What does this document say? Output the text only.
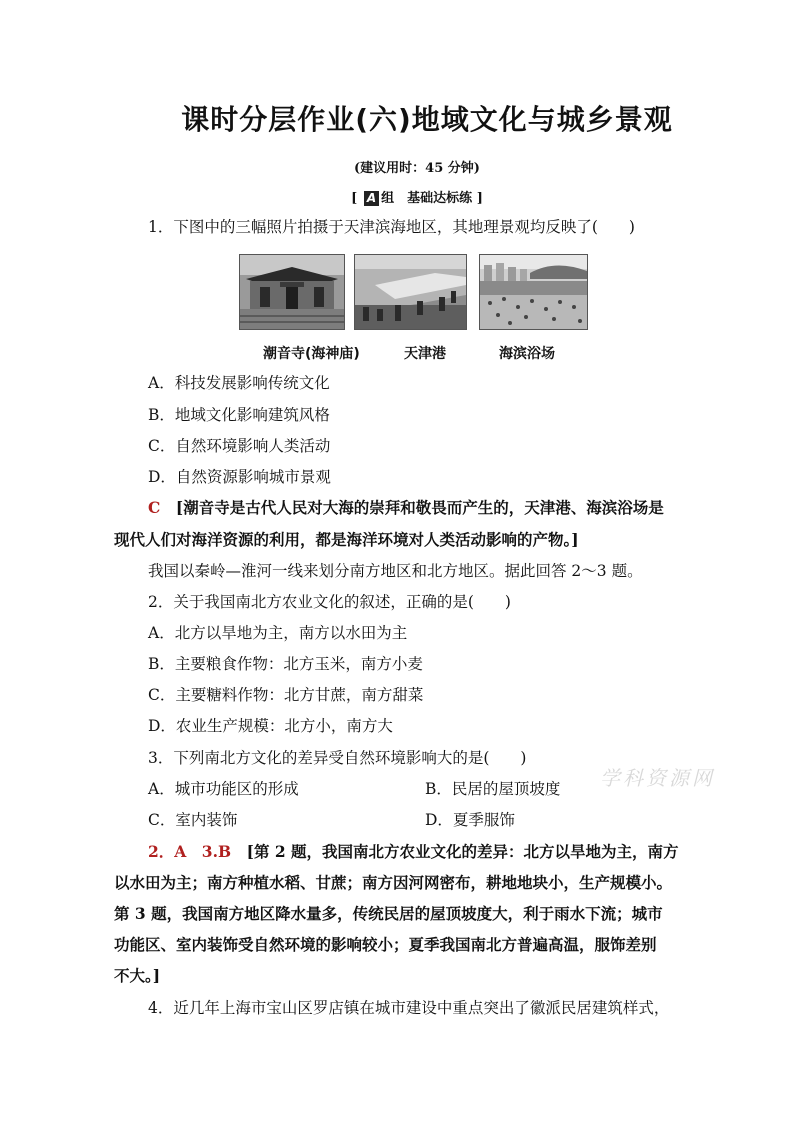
课时分层作业(六)地域文化与城乡景观
(建议用时：45 分钟)
[ A 组　基础达标练 ]
1．下图中的三幅照片拍摄于天津滨海地区，其地理景观均反映了(　　)
潮音寺(海神庙)	天津港	海滨浴场
A．科技发展影响传统文化
B．地域文化影响建筑风格
C．自然环境影响人类活动
D．自然资源影响城市景观
C　 [潮音寺是古代人民对大海的崇拜和敬畏而产生的，天津港、海滨浴场是
现代人们对海洋资源的利用，都是海洋环境对人类活动影响的产物。]
我国以秦岭—淮河一线来划分南方地区和北方地区。据此回答 2～3 题。
2．关于我国南北方农业文化的叙述，正确的是(　　)
A．北方以旱地为主，南方以水田为主
B．主要粮食作物：北方玉米，南方小麦
C．主要糖料作物：北方甘蔗，南方甜菜
D．农业生产规模：北方小，南方大
3．下列南北方文化的差异受自然环境影响大的是(　　)
A．城市功能区的形成	B．民居的屋顶坡度
C．室内装饰	D．夏季服饰
学科资源网
2．A　3.B　 [第 2 题，我国南北方农业文化的差异：北方以旱地为主，南方
以水田为主；南方种植水稻、甘蔗；南方因河网密布，耕地地块小，生产规模小。
第 3 题，我国南方地区降水量多，传统民居的屋顶坡度大，利于雨水下流；城市
功能区、室内装饰受自然环境的影响较小；夏季我国南北方普遍高温，服饰差别
不大。]
4．近几年上海市宝山区罗店镇在城市建设中重点突出了徽派民居建筑样式，
